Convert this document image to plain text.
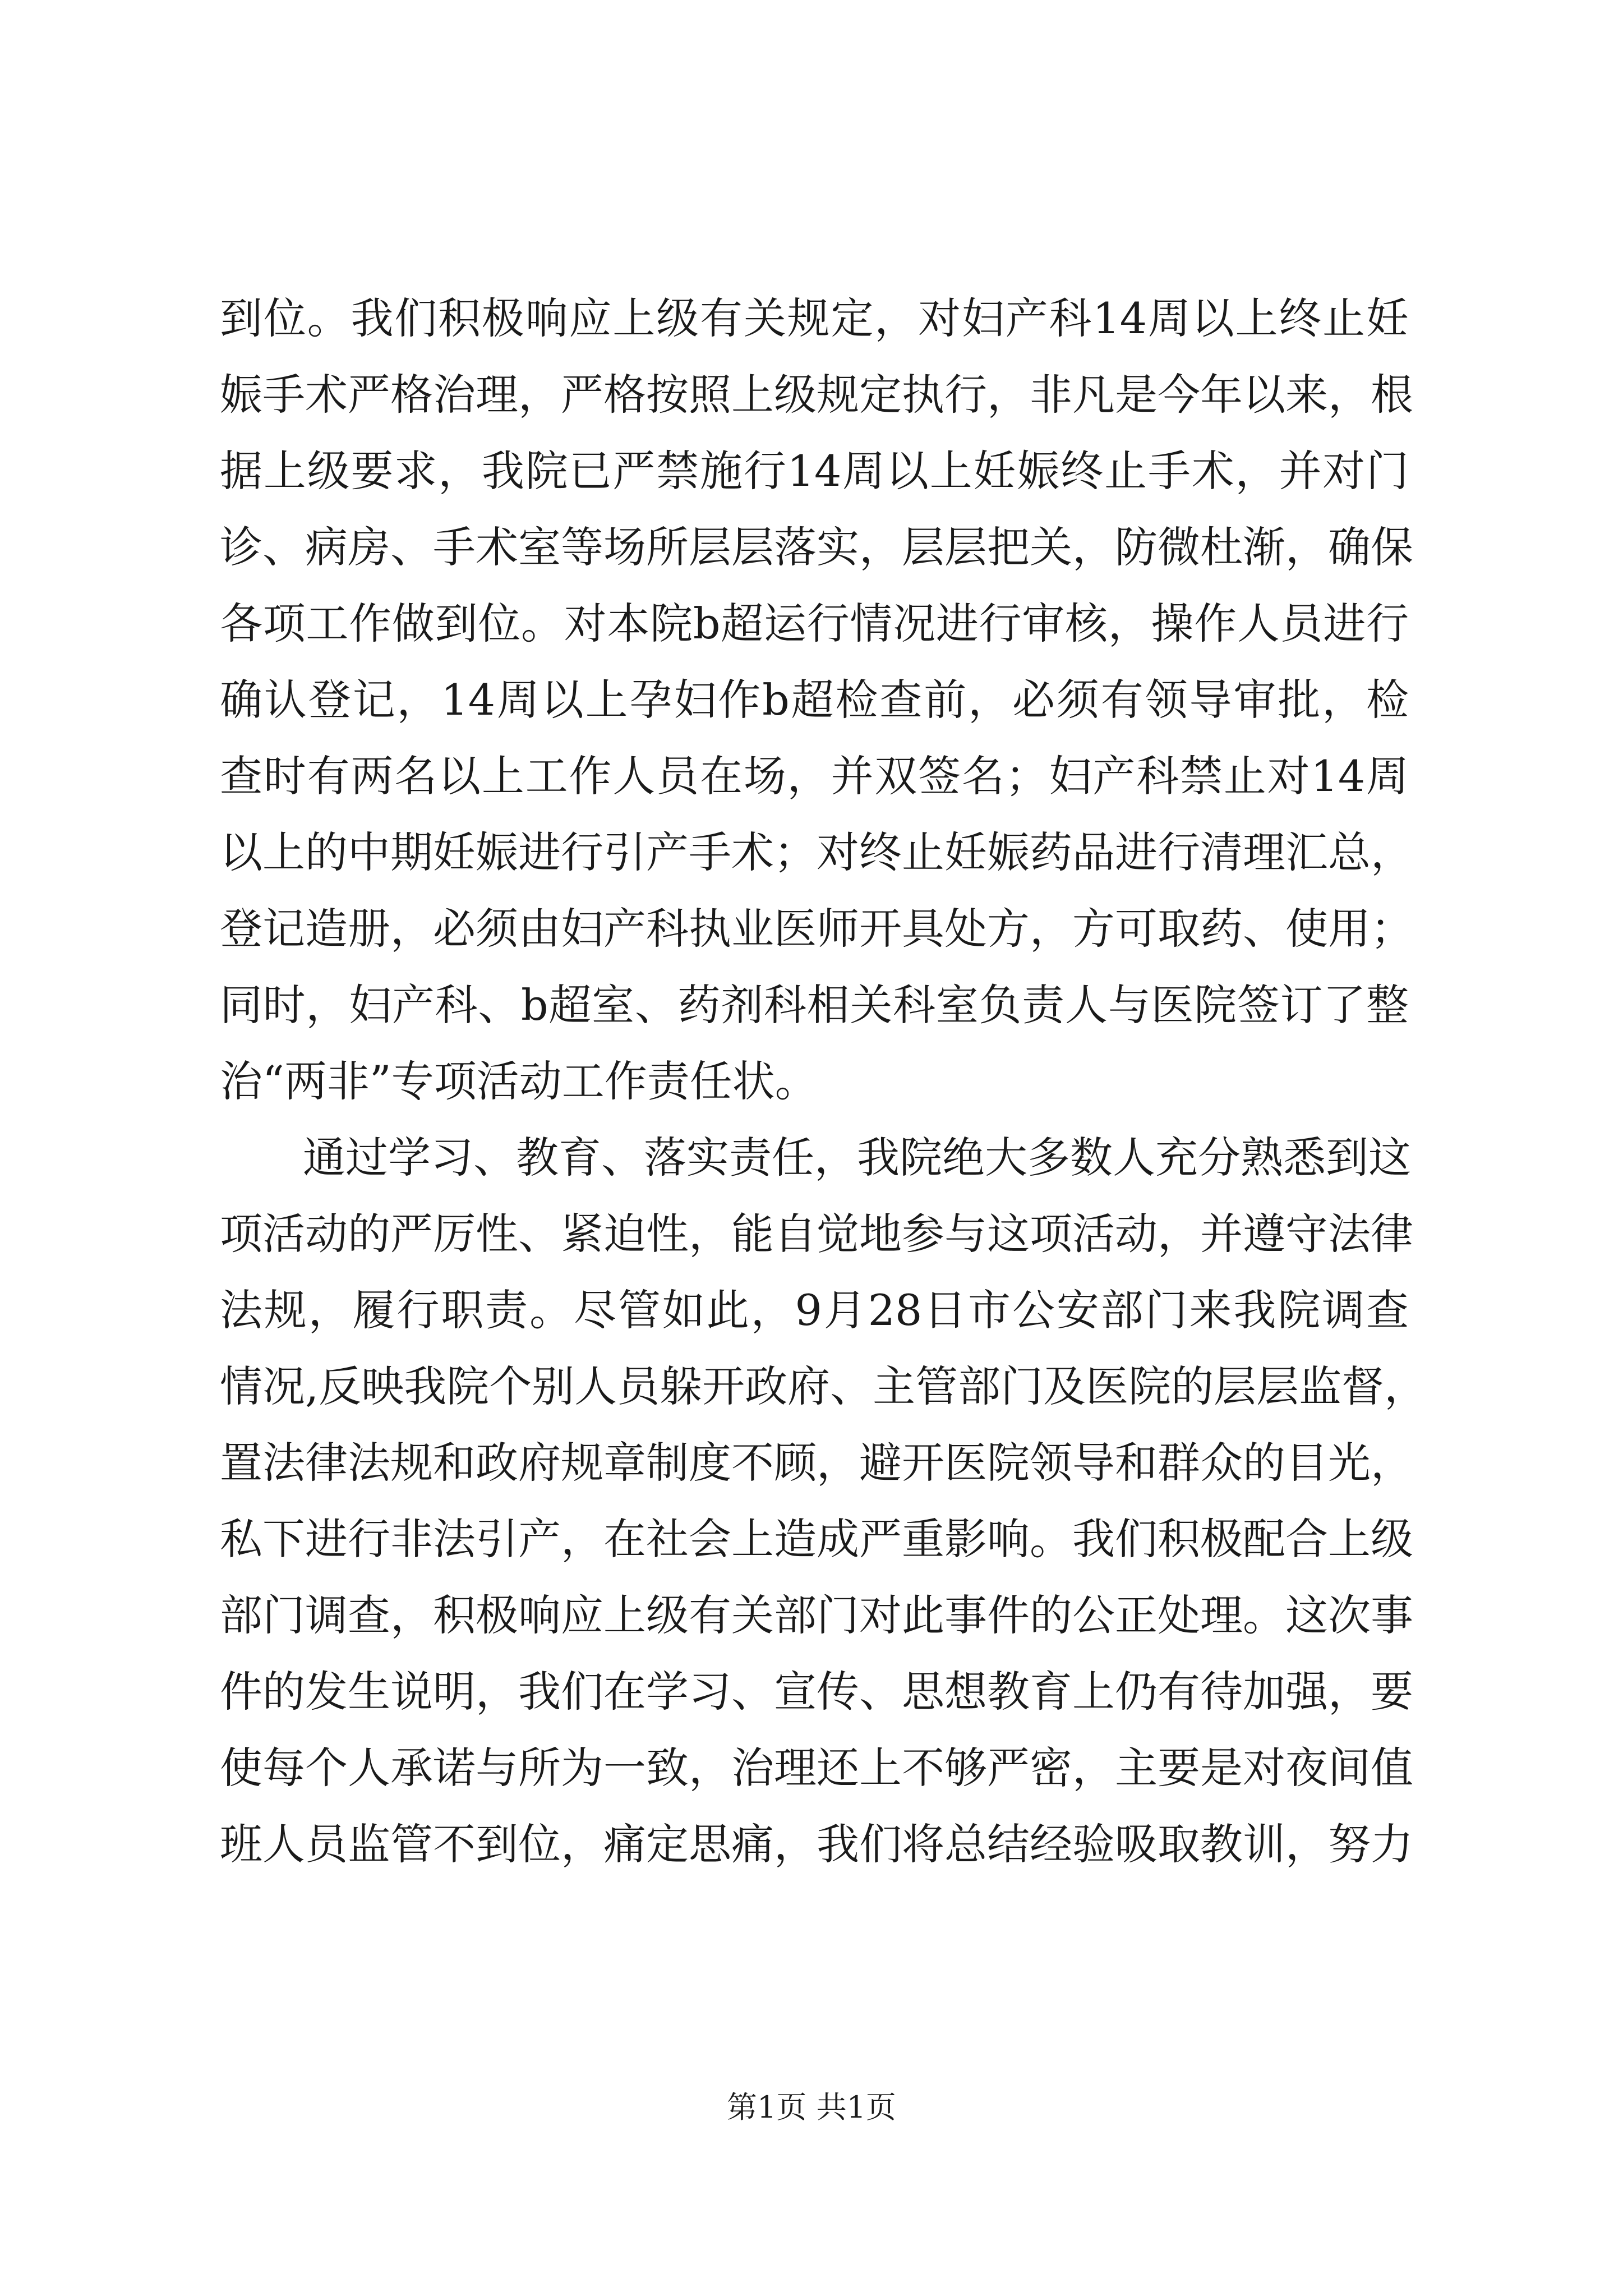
到位。我们积极响应上级有关规定，对妇产科14周以上终止妊
娠手术严格治理，严格按照上级规定执行，非凡是今年以来，根
据上级要求，我院已严禁施行14周以上妊娠终止手术，并对门
诊、病房、手术室等场所层层落实，层层把关，防微杜渐，确保
各项工作做到位。对本院b超运行情况进行审核，操作人员进行
确认登记，14周以上孕妇作b超检查前，必须有领导审批，检
查时有两名以上工作人员在场，并双签名；妇产科禁止对14周
以上的中期妊娠进行引产手术；对终止妊娠药品进行清理汇总，
登记造册，必须由妇产科执业医师开具处方，方可取药、使用；
同时，妇产科、b超室、药剂科相关科室负责人与医院签订了整
治“两非”专项活动工作责任状。
通过学习、教育、落实责任，我院绝大多数人充分熟悉到这
项活动的严厉性、紧迫性，能自觉地参与这项活动，并遵守法律
法规，履行职责。尽管如此，9月28日市公安部门来我院调查
情况,反映我院个别人员躲开政府、主管部门及医院的层层监督，
置法律法规和政府规章制度不顾，避开医院领导和群众的目光，
私下进行非法引产，在社会上造成严重影响。我们积极配合上级
部门调查，积极响应上级有关部门对此事件的公正处理。这次事
件的发生说明，我们在学习、宣传、思想教育上仍有待加强，要
使每个人承诺与所为一致，治理还上不够严密，主要是对夜间值
班人员监管不到位，痛定思痛，我们将总结经验吸取教训，努力
第1页 共1页
